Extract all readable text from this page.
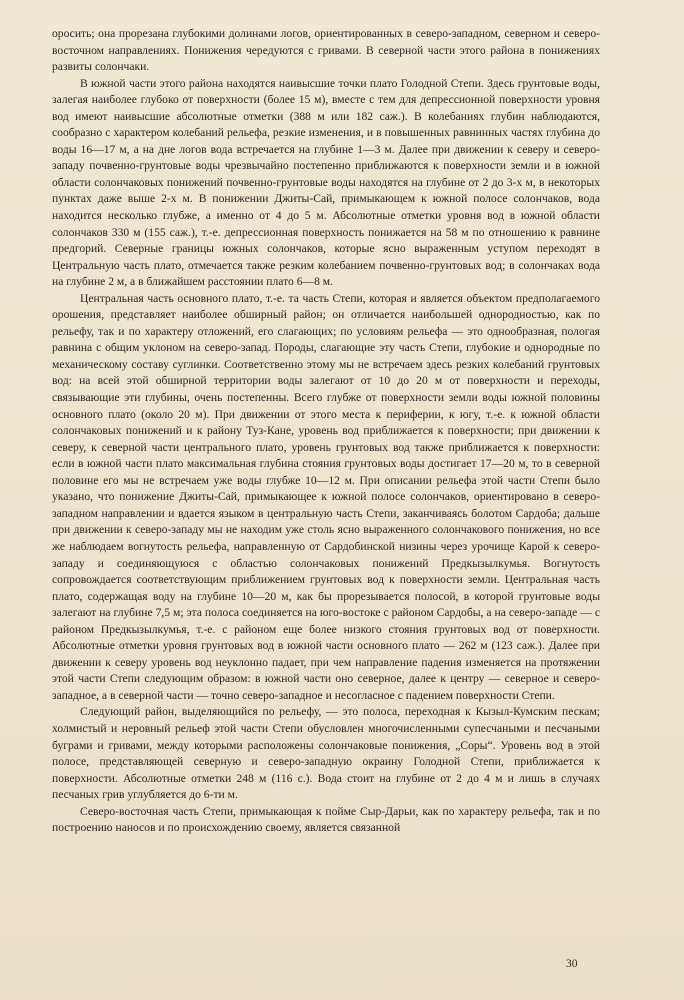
оросить; она прорезана глубокими долинами логов, ориентированных в северо-западном, северном и северо-восточном направлениях. Понижения чередуются с гривами. В северной части этого района в понижениях развиты солончаки.

В южной части этого района находятся наивысшие точки плато Голодной Степи. Здесь грунтовые воды, залегая наиболее глубоко от поверхности (более 15 м), вместе с тем для депрессионной поверхности уровня вод имеют наивысшие абсолютные отметки (388 м или 182 саж.). В колебаниях глубин наблюдаются, сообразно с характером колебаний рельефа, резкие изменения, и в повышенных равнинных частях глубина до воды 16—17 м, а на дне логов вода встречается на глубине 1—3 м. Далее при движении к северу и северо-западу почвенно-грунтовые воды чрезвычайно постепенно приближаются к поверхности земли и в южной области солончаковых понижений почвенно-грунтовые воды находятся на глубине от 2 до 3-х м, в некоторых пунктах даже выше 2-х м. В понижении Джиты-Сай, примыкающем к южной полосе солончаков, вода находится несколько глубже, а именно от 4 до 5 м. Абсолютные отметки уровня вод в южной области солончаков 330 м (155 саж.), т.-е. депрессионная поверхность понижается на 58 м по отношению к равнине предгорий. Северные границы южных солончаков, которые ясно выраженным уступом переходят в Центральную часть плато, отмечается также резким колебанием почвенно-грунтовых вод; в солончаках вода на глубине 2 м, а в ближайшем расстоянии плато 6—8 м.

Центральная часть основного плато, т.-е. та часть Степи, которая и является объектом предполагаемого орошения, представляет наиболее обширный район; он отличается наибольшей однородностью, как по рельефу, так и по характеру отложений, его слагающих; по условиям рельефа — это однообразная, пологая равнина с общим уклоном на северо-запад. Породы, слагающие эту часть Степи, глубокие и однородные по механическому составу суглинки. Соответственно этому мы не встречаем здесь резких колебаний грунтовых вод: на всей этой обширной территории воды залегают от 10 до 20 м от поверхности и переходы, связывающие эти глубины, очень постепенны. Всего глубже от поверхности земли воды южной половины основного плато (около 20 м). При движении от этого места к периферии, к югу, т.-е. к южной области солончаковых понижений и к району Туз-Кане, уровень вод приближается к поверхности; при движении к северу, к северной части центрального плато, уровень грунтовых вод также приближается к поверхности: если в южной части плато максимальная глубина стояния грунтовых воды достигает 17—20 м, то в северной половине его мы не встречаем уже воды глубже 10—12 м. При описании рельефа этой части Степи было указано, что понижение Джиты-Сай, примыкающее к южной полосе солончаков, ориентировано в северо-западном направлении и вдается языком в центральную часть Степи, заканчиваясь болотом Сардоба; дальше при движении к северо-западу мы не находим уже столь ясно выраженного солончакового понижения, но все же наблюдаем вогнутость рельефа, направленную от Сардобинской низины через урочище Карой к северо-западу и соединяющуюся с областью солончаковых понижений Предкызылкумья. Вогнутость сопровождается соответствующим приближением грунтовых вод к поверхности земли. Центральная часть плато, содержащая воду на глубине 10—20 м, как бы прорезывается полосой, в которой грунтовые воды залегают на глубине 7,5 м; эта полоса соединяется на юго-востоке с районом Сардобы, а на северо-западе — с районом Предкызылкумья, т.-е. с районом еще более низкого стояния грунтовых вод от поверхности. Абсолютные отметки уровня грунтовых вод в южной части основного плато — 262 м (123 саж.). Далее при движении к северу уровень вод неуклонно падает, при чем направление падения изменяется на протяжении этой части Степи следующим образом: в южной части оно северное, далее к центру — северное и северо-западное, а в северной части — точно северо-западное и несогласное с падением поверхности Степи.

Следующий район, выделяющийся по рельефу, — это полоса, переходная к Кызыл-Кумским пескам; холмистый и неровный рельеф этой части Степи обусловлен многочисленными супесчаными и песчаными буграми и гривами, между которыми расположены солончаковые понижения, „Соры“. Уровень вод в этой полосе, представляющей северную и северо-западную окраину Голодной Степи, приближается к поверхности. Абсолютные отметки 248 м (116 с.). Вода стоит на глубине от 2 до 4 м и лишь в случаях песчаных грив углубляется до 6-ти м.

Северо-восточная часть Степи, примыкающая к пойме Сыр-Дарьи, как по характеру рельефа, так и по построению наносов и по происхождению своему, является связанной

30
